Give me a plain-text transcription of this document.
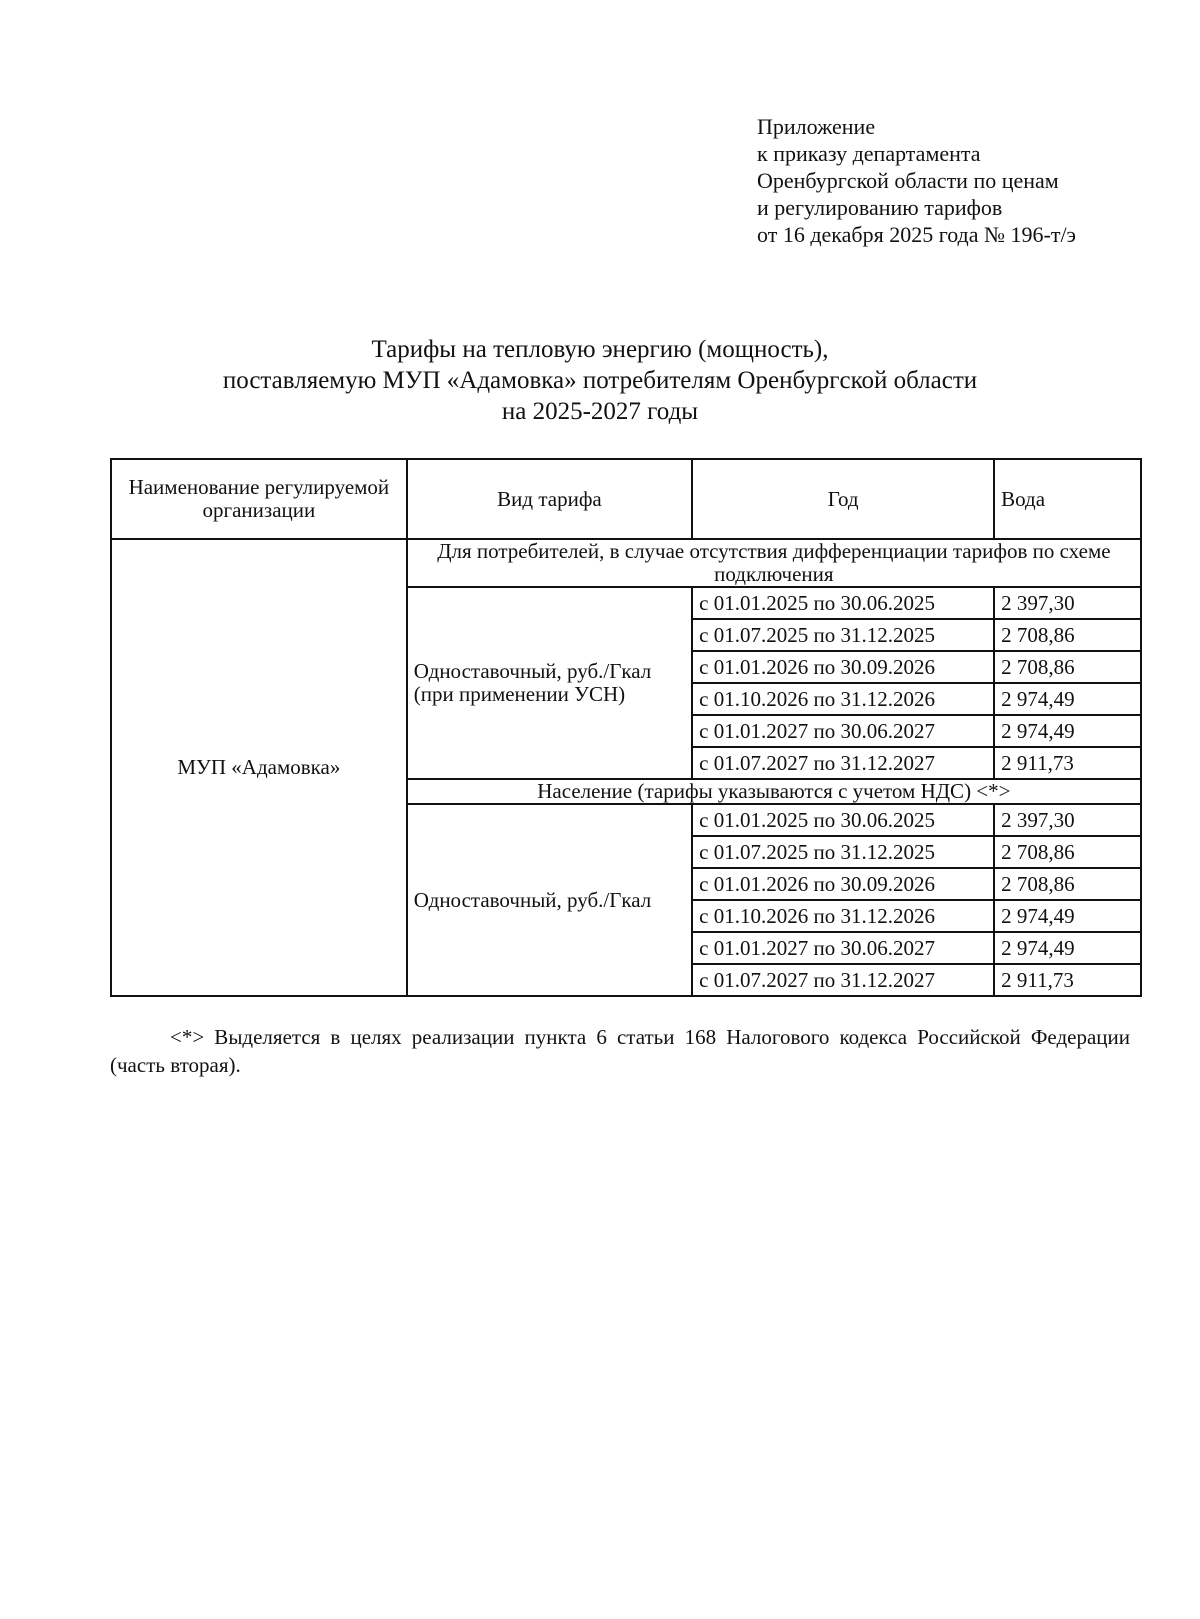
Приложение
к приказу департамента
Оренбургской области по ценам
и регулированию тарифов
от 16 декабря 2025 года № 196-т/э
Тарифы на тепловую энергию (мощность),
поставляемую МУП «Адамовка» потребителям Оренбургской области
на 2025-2027 годы
Наименование регулируемой организации	Вид тарифа	Год	Вода
МУП «Адамовка»	Для потребителей, в случае отсутствия дифференциации тарифов по схеме подключения		
	Одноставочный, руб./Гкал (при применении УСН)	с 01.01.2025 по 30.06.2025	2 397,30
		с 01.07.2025 по 31.12.2025	2 708,86
		с 01.01.2026 по 30.09.2026	2 708,86
		с 01.10.2026 по 31.12.2026	2 974,49
		с 01.01.2027 по 30.06.2027	2 974,49
		с 01.07.2027 по 31.12.2027	2 911,73
	Население (тарифы указываются с учетом НДС) <*>		
	Одноставочный, руб./Гкал	с 01.01.2025 по 30.06.2025	2 397,30
		с 01.07.2025 по 31.12.2025	2 708,86
		с 01.01.2026 по 30.09.2026	2 708,86
		с 01.10.2026 по 31.12.2026	2 974,49
		с 01.01.2027 по 30.06.2027	2 974,49
		с 01.07.2027 по 31.12.2027	2 911,73
<*> Выделяется в целях реализации пункта 6 статьи 168 Налогового кодекса Российской Федерации (часть вторая).
